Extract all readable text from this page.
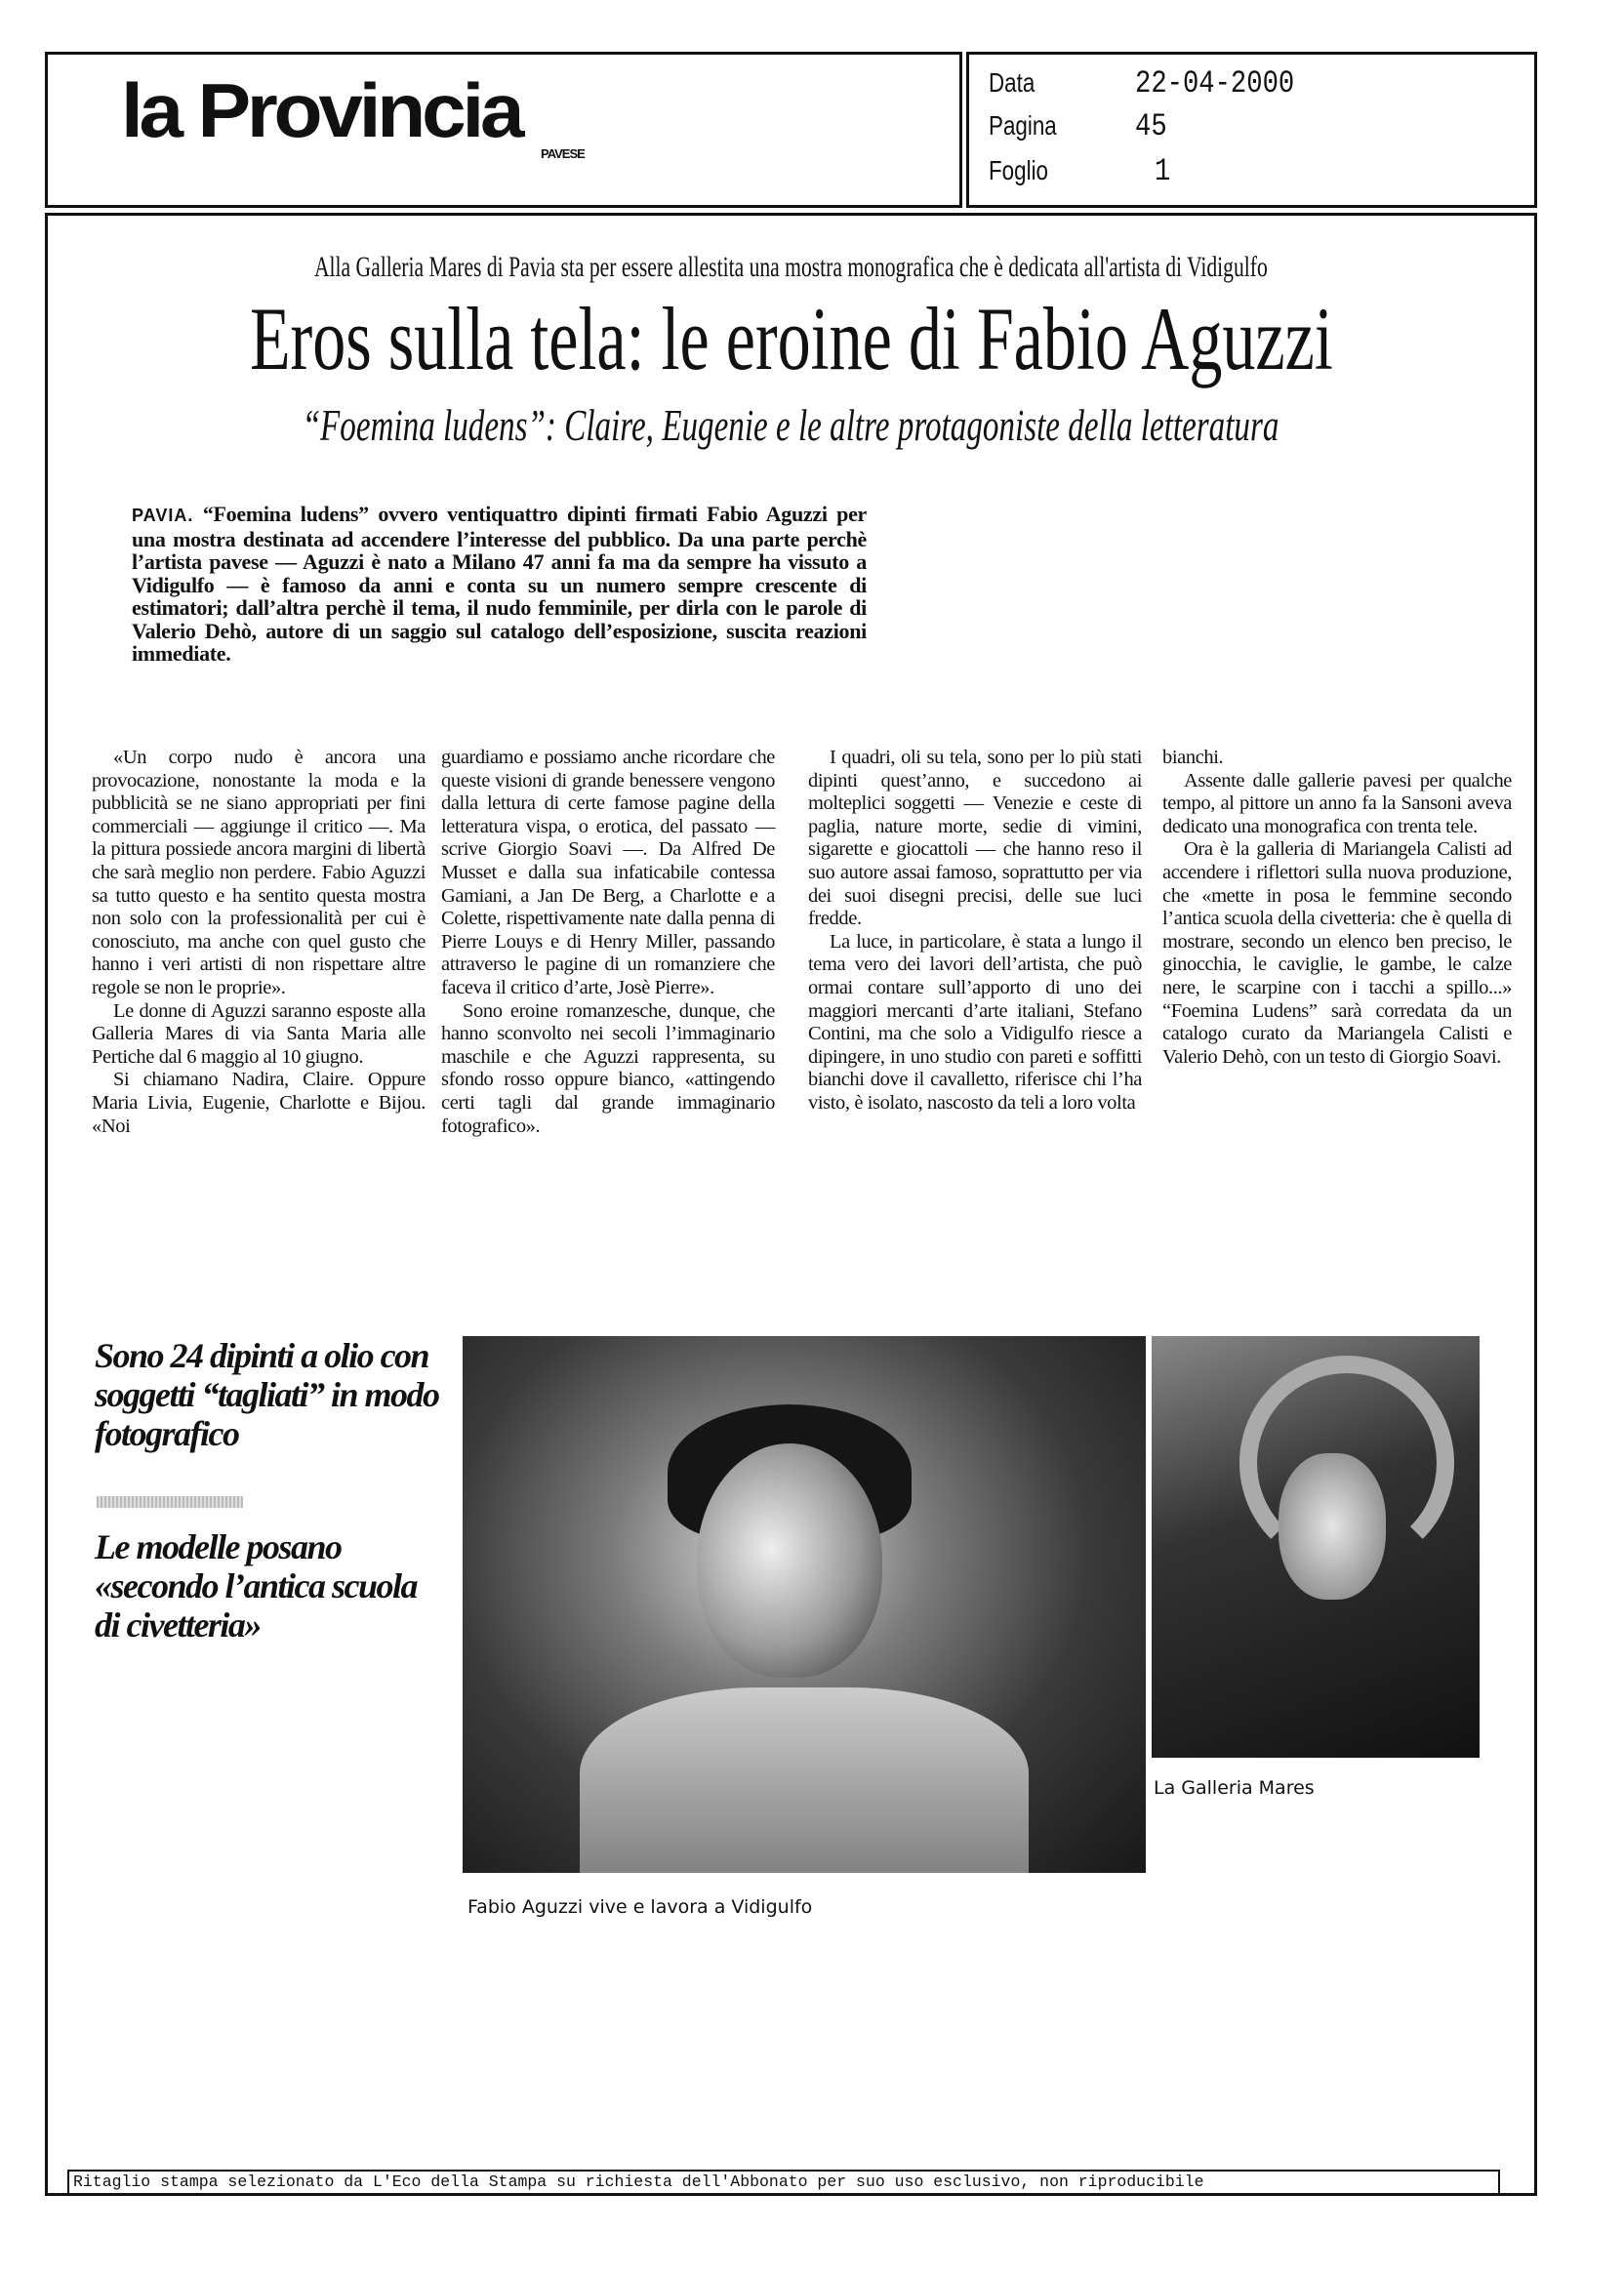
la Provincia
PAVESE
Data	22-04-2000
Pagina	45
Foglio	1
Alla Galleria Mares di Pavia sta per essere allestita una mostra monografica che è dedicata all'artista di Vidigulfo
Eros sulla tela: le eroine di Fabio Aguzzi
“Foemina ludens”: Claire, Eugenie e le altre protagoniste della letteratura
PAVIA. “Foemina ludens” ovvero ventiquattro dipinti firmati Fabio Aguzzi per una mostra destinata ad accendere l’interesse del pubblico. Da una parte perchè l’artista pavese — Aguzzi è nato a Milano 47 anni fa ma da sempre ha vissuto a Vidigulfo — è famoso da anni e conta su un numero sempre crescente di estimatori; dall’altra perchè il tema, il nudo femminile, per dirla con le parole di Valerio Dehò, autore di un saggio sul catalogo dell’esposizione, suscita reazioni immediate.

«Un corpo nudo è ancora una provocazione, nonostante la moda e la pubblicità se ne siano appropriati per fini commerciali — aggiunge il critico —. Ma la pittura possiede ancora margini di libertà che sarà meglio non perdere. Fabio Aguzzi sa tutto questo e ha sentito questa mostra non solo con la professionalità per cui è conosciuto, ma anche con quel gusto che hanno i veri artisti di non rispettare altre regole se non le proprie».

Le donne di Aguzzi saranno esposte alla Galleria Mares di via Santa Maria alle Pertiche dal 6 maggio al 10 giugno.

Si chiamano Nadira, Claire. Oppure Maria Livia, Eugenie, Charlotte e Bijou. «Noi

guardiamo e possiamo anche ricordare che queste visioni di grande benessere vengono dalla lettura di certe famose pagine della letteratura vispa, o erotica, del passato — scrive Giorgio Soavi —. Da Alfred De Musset e dalla sua infaticabile contessa Gamiani, a Jan De Berg, a Charlotte e a Colette, rispettivamente nate dalla penna di Pierre Louys e di Henry Miller, passando attraverso le pagine di un romanziere che faceva il critico d’arte, Josè Pierre».

Sono eroine romanzesche, dunque, che hanno sconvolto nei secoli l’immaginario maschile e che Aguzzi rappresenta, su sfondo rosso oppure bianco, «attingendo certi tagli dal grande immaginario fotografico».

I quadri, oli su tela, sono per lo più stati dipinti quest’anno, e succedono ai molteplici soggetti — Venezie e ceste di paglia, nature morte, sedie di vimini, sigarette e giocattoli — che hanno reso il suo autore assai famoso, soprattutto per via dei suoi disegni precisi, delle sue luci fredde.

La luce, in particolare, è stata a lungo il tema vero dei lavori dell’artista, che può ormai contare sull’apporto di uno dei maggiori mercanti d’arte italiani, Stefano Contini, ma che solo a Vidigulfo riesce a dipingere, in uno studio con pareti e soffitti bianchi dove il cavalletto, riferisce chi l’ha visto, è isolato, nascosto da teli a loro volta

bianchi.

Assente dalle gallerie pavesi per qualche tempo, al pittore un anno fa la Sansoni aveva dedicato una monografica con trenta tele.

Ora è la galleria di Mariangela Calisti ad accendere i riflettori sulla nuova produzione, che «mette in posa le femmine secondo l’antica scuola della civetteria: che è quella di mostrare, secondo un elenco ben preciso, le ginocchia, le caviglie, le gambe, le calze nere, le scarpine con i tacchi a spillo...» “Foemina Ludens” sarà corredata da un catalogo curato da Mariangela Calisti e Valerio Dehò, con un testo di Giorgio Soavi.

Sono 24 dipinti a olio con soggetti “tagliati” in modo fotografico
Le modelle posano «secondo l’antica scuola di civetteria»
La Galleria Mares
Fabio Aguzzi vive e lavora a Vidigulfo
Ritaglio stampa selezionato da L'Eco della Stampa su richiesta dell'Abbonato per suo uso esclusivo, non riproducibile
